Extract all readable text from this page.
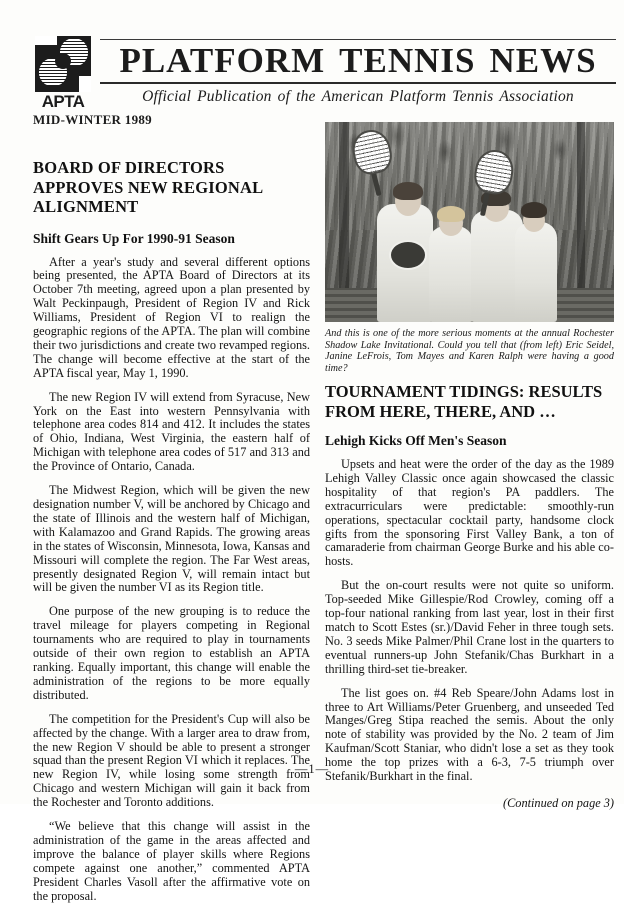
APTA
PLATFORM TENNIS NEWS
Official Publication of the American Platform Tennis Association
MID-WINTER 1989
BOARD OF DIRECTORS APPROVES NEW REGIONAL ALIGNMENT
Shift Gears Up For 1990-91 Season

After a year's study and several different options being presented, the APTA Board of Directors at its October 7th meeting, agreed upon a plan presented by Walt Peckinpaugh, President of Region IV and Rick Williams, President of Region VI to realign the geographic regions of the APTA. The plan will combine their two jurisdictions and create two revamped regions. The change will become effective at the start of the APTA fiscal year, May 1, 1990.

The new Region IV will extend from Syracuse, New York on the East into western Pennsylvania with telephone area codes 814 and 412. It includes the states of Ohio, Indiana, West Virginia, the eastern half of Michigan with telephone area codes of 517 and 313 and the Province of Ontario, Canada.

The Midwest Region, which will be given the new designation number V, will be anchored by Chicago and the state of Illinois and the western half of Michigan, with Kalamazoo and Grand Rapids. The growing areas in the states of Wisconsin, Minnesota, Iowa, Kansas and Missouri will complete the region. The Far West areas, presently designated Region V, will remain intact but will be given the number VI as its Region title.

One purpose of the new grouping is to reduce the travel mileage for players competing in Regional tournaments who are required to play in tournaments outside of their own region to establish an APTA ranking. Equally important, this change will enable the administration of the regions to be more equally distributed.

The competition for the President's Cup will also be affected by the change. With a larger area to draw from, the new Region V should be able to present a stronger squad than the present Region VI which it replaces. The new Region IV, while losing some strength from Chicago and western Michigan will gain it back from the Rochester and Toronto additions.

“We believe that this change will assist in the administration of the game in the areas affected and improve the balance of player skills where Regions compete against one another,” commented APTA President Charles Vasoll after the affirmative vote on the proposal.

And this is one of the more serious moments at the annual Rochester Shadow Lake Invitational. Could you tell that (from left) Eric Seidel, Janine LeFrois, Tom Mayes and Karen Ralph were having a good time?
TOURNAMENT TIDINGS: RESULTS FROM HERE, THERE, AND …
Lehigh Kicks Off Men's Season

Upsets and heat were the order of the day as the 1989 Lehigh Valley Classic once again showcased the classic hospitality of that region's PA paddlers. The extracurriculars were predictable: smoothly-run operations, spectacular cocktail party, handsome clock gifts from the sponsoring First Valley Bank, a ton of camaraderie from chairman George Burke and his able co-hosts.

But the on-court results were not quite so uniform. Top-seeded Mike Gillespie/Rod Crowley, coming off a top-four national ranking from last year, lost in their first match to Scott Estes (sr.)/David Feher in three tough sets. No. 3 seeds Mike Palmer/Phil Crane lost in the quarters to eventual runners-up John Stefanik/Chas Burkhart in a thrilling third-set tie-breaker.

The list goes on. #4 Reb Speare/John Adams lost in three to Art Williams/Peter Gruenberg, and unseeded Ted Manges/Greg Stipa reached the semis. About the only note of stability was provided by the No. 2 team of Jim Kaufman/Scott Staniar, who didn't lose a set as they took home the top prizes with a 6-3, 7-5 triumph over Stefanik/Burkhart in the final.

(Continued on page 3)
—1—
